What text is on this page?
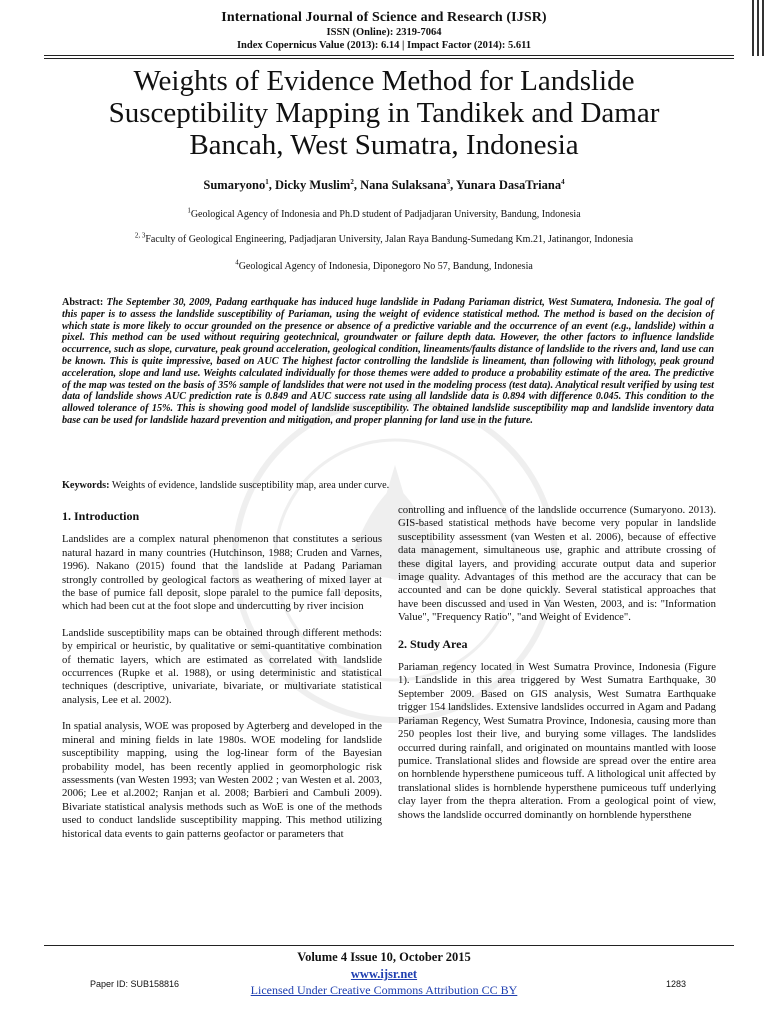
International Journal of Science and Research (IJSR)
ISSN (Online): 2319-7064
Index Copernicus Value (2013): 6.14 | Impact Factor (2014): 5.611
Weights of Evidence Method for Landslide Susceptibility Mapping in Tandikek and Damar Bancah, West Sumatra, Indonesia
Sumaryono$^1$, Dicky Muslim$^2$, Nana Sulaksana$^3$, Yunara DasaTriana$^4$
$^1$Geological Agency of Indonesia and Ph.D student of Padjadjaran University, Bandung, Indonesia
$^{2, 3}$Faculty of Geological Engineering, Padjadjaran University, Jalan Raya Bandung-Sumedang Km.21, Jatinangor, Indonesia
$^4$Geological Agency of Indonesia, Diponegoro No 57, Bandung, Indonesia
Abstract: The September 30, 2009, Padang earthquake has induced huge landslide in Padang Pariaman district, West Sumatera, Indonesia. The goal of this paper is to assess the landslide susceptibility of Pariaman, using the weight of evidence statistical method. The method is based on the decision of which state is more likely to occur grounded on the presence or absence of a predictive variable and the occurrence of an event (e.g., landslide) within a pixel. This method can be used without requiring geotechnical, groundwater or failure depth data. However, the other factors to influence landslide occurrence, such as slope, curvature, peak ground acceleration, geological condition, lineaments/faults distance of landslide to the rivers and, land use can be known. This is quite impressive, based on AUC The highest factor controlling the landslide is lineament, than following with lithology, peak ground acceleration, slope and land use. Weights calculated individually for those themes were added to produce a probability estimate of the area. The predictive of the map was tested on the basis of 35% sample of landslides that were not used in the modeling process (test data). Analytical result verified by using test data of landslide shows AUC prediction rate is 0.849 and AUC success rate using all landslide data is 0.894 with difference 0.045. This condition to the allowed tolerance of 15%. This is showing good model of landslide susceptibility. The obtained landslide susceptibility map and landslide inventory data base can be used for landslide hazard prevention and mitigation, and proper planning for land use in the future.
Keywords: Weights of evidence, landslide susceptibility map, area under curve.

1. Introduction

Landslides are a complex natural phenomenon that constitutes a serious natural hazard in many countries (Hutchinson, 1988; Cruden and Varnes, 1996). Nakano (2015) found that the landslide at Padang Pariaman strongly controlled by geological factors as weathering of mixed layer at the base of pumice fall deposit, slope paralel to the pumice fall deposits, which had been cut at the foot slope and undercutting by river incision

Landslide susceptibility maps can be obtained through different methods: by empirical or heuristic, by qualitative or semi-quantitative combination of thematic layers, which are estimated as correlated with landslide occurrences (Rupke et al. 1988), or using deterministic and statistical techniques (descriptive, univariate, bivariate, or multivariate statistical analysis, Lee et al. 2002).

In spatial analysis, WOE was proposed by Agterberg and developed in the mineral and mining fields in late 1980s. WOE modeling for landslide susceptibility mapping, using the log-linear form of the Bayesian probability model, has been recently applied in geomorphologic risk assessments (van Westen 1993; van Westen 2002 ; van Westen et al. 2003, 2006; Lee et al.2002; Ranjan et al. 2008; Barbieri and Cambuli 2009). Bivariate statistical analysis methods such as WoE is one of the methods used to conduct landslide susceptibility mapping. This method utilizing historical data events to gain patterns geofactor or parameters that

controlling and influence of the landslide occurrence (Sumaryono. 2013). GIS-based statistical methods have become very popular in landslide susceptibility assessment (van Westen et al. 2006), because of effective data management, simultaneous use, graphic and attribute crossing of these digital layers, and providing accurate output data and superior image quality. Advantages of this method are the accuracy that can be accounted and can be done quickly. Several statistical approaches that have been discussed and used in Van Westen, 2003, and is: "Information Value", "Frequency Ratio", "and Weight of Evidence".

2. Study Area

Pariaman regency located in West Sumatra Province, Indonesia (Figure 1). Landslide in this area triggered by West Sumatra Earthquake, 30 September 2009. Based on GIS analysis, West Sumatra Earthquake trigger 154 landslides. Extensive landslides occurred in Agam and Padang Pariaman Regency, West Sumatra Province, Indonesia, causing more than 250 peoples lost their live, and burying some villages. The landslides occurred during rainfall, and originated on mountains mantled with loose pumice. Translational slides and flowside are spread over the entire area on hornblende hypersthene pumiceous tuff. A lithological unit affected by translational slides is hornblende hypersthene pumiceous tuff underlying clay layer from the thepra alteration. From a geological point of view, shows the landslide occurred dominantly on hornblende hypersthene

Volume 4 Issue 10, October 2015
www.ijsr.net
Licensed Under Creative Commons Attribution CC BY
Paper ID: SUB158816	1283
